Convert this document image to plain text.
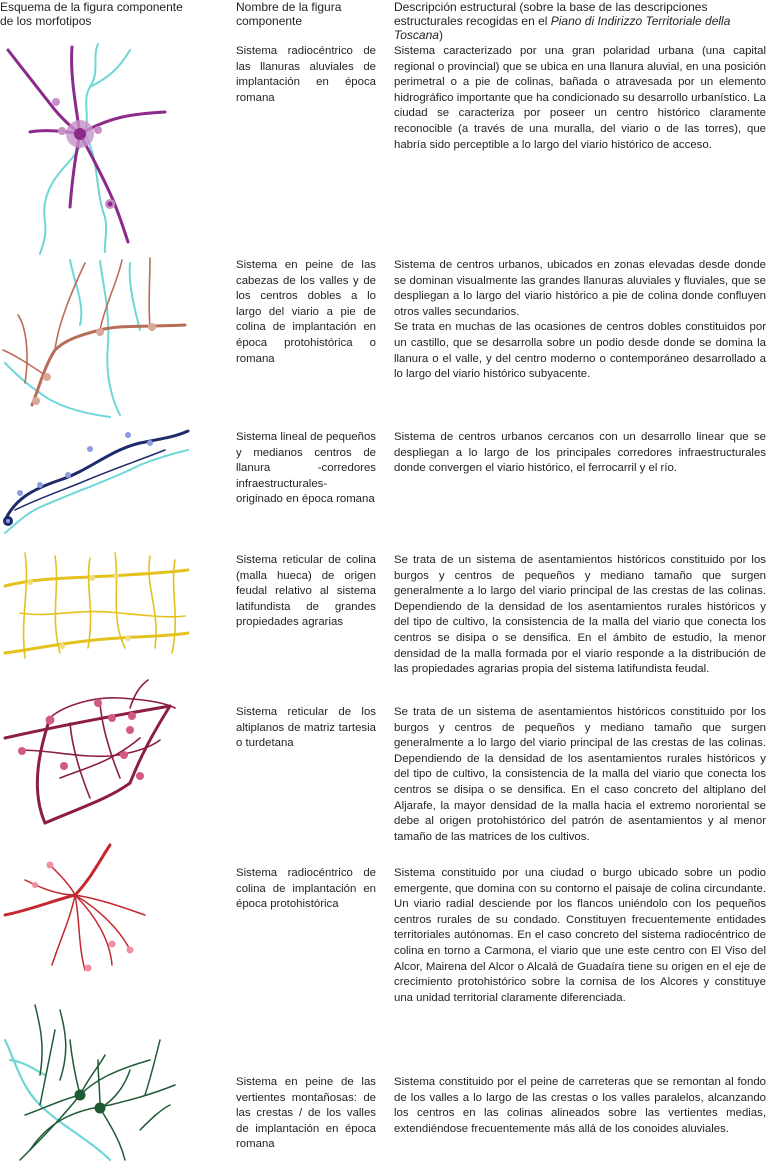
Esquema de la figura componente de los morfotipos
Nombre de la figura componente
Descripción estructural (sobre la base de las descripciones estructurales recogidas en el Piano di Indirizzo Territoriale della Toscana)
Sistema radiocéntrico de las llanuras aluviales de implantación en época romana
Sistema caracterizado por una gran polaridad urbana (una capital regional o provincial) que se ubica en una llanura aluvial, en una posición perimetral o a pie de colinas, bañada o atravesada por un elemento hidrográfico importante que ha condicionado su desarrollo urbanístico. La ciudad se caracteriza por poseer un centro histórico claramente reconocible (a través de una muralla, del viario o de las torres), que habría sido perceptible a lo largo del viario histórico de acceso.
Sistema en peine de las cabezas de los valles y de los centros dobles a lo largo del viario a pie de colina de implantación en época protohistórica o romana
Sistema de centros urbanos, ubicados en zonas elevadas desde donde se dominan visualmente las grandes llanuras aluviales y fluviales, que se despliegan a lo largo del viario histórico a pie de colina donde confluyen otros valles secundarios.
Se trata en muchas de las ocasiones de centros dobles constituidos por un castillo, que se desarrolla sobre un podio desde donde se domina la llanura o el valle, y del centro moderno o contemporáneo desarrollado a lo largo del viario histórico subyacente.
Sistema lineal de pequeños y medianos centros de llanura -corredores infraestructurales- originado en época romana
Sistema de centros urbanos cercanos con un desarrollo linear que se despliegan a lo largo de los principales corredores infraestructurales donde convergen el viario histórico, el ferrocarril y el río.
Sistema reticular de colina (malla hueca) de origen feudal relativo al sistema latifundista de grandes propiedades agrarias
Se trata de un sistema de asentamientos históricos constituido por los burgos y centros de pequeños y mediano tamaño que surgen generalmente a lo largo del viario principal de las crestas de las colinas. Dependiendo de la densidad de los asentamientos rurales históricos y del tipo de cultivo, la consistencia de la malla del viario que conecta los centros se disipa o se densifica. En el ámbito de estudio, la menor densidad de la malla formada por el viario responde a la distribución de las propiedades agrarias propia del sistema latifundista feudal.
Sistema reticular de los altiplanos de matriz tartesia o turdetana
Se trata de un sistema de asentamientos históricos constituido por los burgos y centros de pequeños y mediano tamaño que surgen generalmente a lo largo del viario principal de las crestas de las colinas. Dependiendo de la densidad de los asentamientos rurales históricos y del tipo de cultivo, la consistencia de la malla del viario que conecta los centros se disipa o se densifica. En el caso concreto del altiplano del Aljarafe, la mayor densidad de la malla hacia el extremo nororiental se debe al origen protohistórico del patrón de asentamientos y al menor tamaño de las matrices de los cultivos.
Sistema radiocéntrico de colina de implantación en época protohistórica
Sistema constituido por una ciudad o burgo ubicado sobre un podio emergente, que domina con su contorno el paisaje de colina circundante. Un viario radial desciende por los flancos uniéndolo con los pequeños centros rurales de su condado. Constituyen frecuentemente entidades territoriales autónomas. En el caso concreto del sistema radiocéntrico de colina en torno a Carmona, el viario que une este centro con El Viso del Alcor, Mairena del Alcor o Alcalá de Guadaíra tiene su origen en el eje de crecimiento protohistórico sobre la cornisa de los Alcores y constituye una unidad territorial claramente diferenciada.
Sistema en peine de las vertientes montañosas: de las crestas / de los valles de implantación en época romana
Sistema constituido por el peine de carreteras que se remontan al fondo de los valles a lo largo de las crestas o los valles paralelos, alcanzando los centros en las colinas alineados sobre las vertientes medias, extendiéndose frecuentemente más allá de los conoides aluviales.
